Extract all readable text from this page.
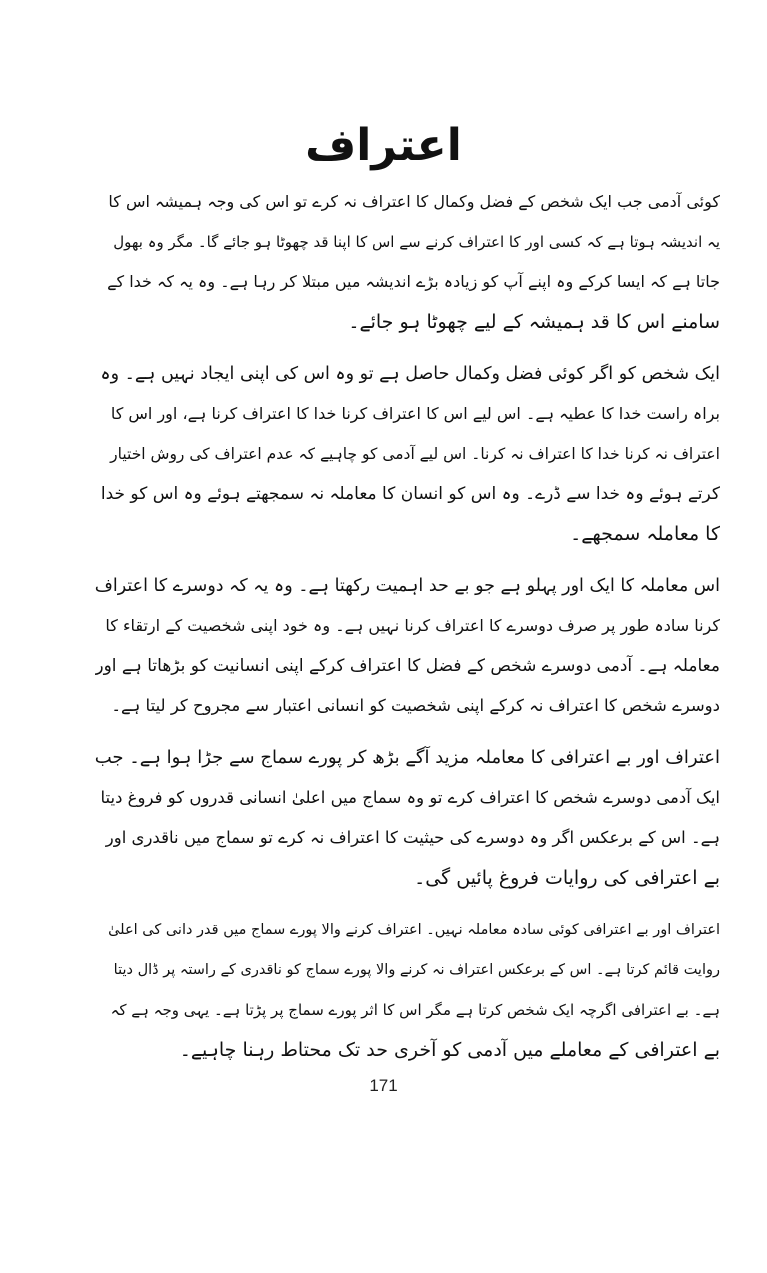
اعتراف
کوئی آدمی جب ایک شخص کے فضل وکمال کا اعتراف نہ کرے تو اس کی وجہ ہمیشہ اس کا
یہ اندیشہ ہوتا ہے کہ کسی اور کا اعتراف کرنے سے اس کا اپنا قد چھوٹا ہو جائے گا۔ مگر وہ بھول
جاتا ہے کہ ایسا کرکے وہ اپنے آپ کو زیادہ بڑے اندیشہ میں مبتلا کر رہا ہے۔ وہ یہ کہ خدا کے
سامنے اس کا قد ہمیشہ کے لیے چھوٹا ہو جائے۔
ایک شخص کو اگر کوئی فضل وکمال حاصل ہے تو وہ اس کی اپنی ایجاد نہیں ہے۔ وہ
براہ راست خدا کا عطیہ ہے۔ اس لیے اس کا اعتراف کرنا خدا کا اعتراف کرنا ہے، اور اس کا
اعتراف نہ کرنا خدا کا اعتراف نہ کرنا۔ اس لیے آدمی کو چاہیے کہ عدم اعتراف کی روش اختیار
کرتے ہوئے وہ خدا سے ڈرے۔ وہ اس کو انسان کا معاملہ نہ سمجھتے ہوئے وہ اس کو خدا
کا معاملہ سمجھے۔
اس معاملہ کا ایک اور پہلو ہے جو بے حد اہمیت رکھتا ہے۔ وہ یہ کہ دوسرے کا اعتراف
کرنا سادہ طور پر صرف دوسرے کا اعتراف کرنا نہیں ہے۔ وہ خود اپنی شخصیت کے ارتقاء کا
معاملہ ہے۔ آدمی دوسرے شخص کے فضل کا اعتراف کرکے اپنی انسانیت کو بڑھاتا ہے اور
دوسرے شخص کا اعتراف نہ کرکے اپنی شخصیت کو انسانی اعتبار سے مجروح کر لیتا ہے۔
اعتراف اور بے اعترافی کا معاملہ مزید آگے بڑھ کر پورے سماج سے جڑا ہوا ہے۔ جب
ایک آدمی دوسرے شخص کا اعتراف کرے تو وہ سماج میں اعلیٰ انسانی قدروں کو فروغ دیتا
ہے۔ اس کے برعکس اگر وہ دوسرے کی حیثیت کا اعتراف نہ کرے تو سماج میں ناقدری اور
بے اعترافی کی روایات فروغ پائیں گی۔
اعتراف اور بے اعترافی کوئی سادہ معاملہ نہیں۔ اعتراف کرنے والا پورے سماج میں قدر دانی کی اعلیٰ
روایت قائم کرتا ہے۔ اس کے برعکس اعتراف نہ کرنے والا پورے سماج کو ناقدری کے راستہ پر ڈال دیتا
ہے۔ بے اعترافی اگرچہ ایک شخص کرتا ہے مگر اس کا اثر پورے سماج پر پڑتا ہے۔ یہی وجہ ہے کہ
بے اعترافی کے معاملے میں آدمی کو آخری حد تک محتاط رہنا چاہیے۔
171
